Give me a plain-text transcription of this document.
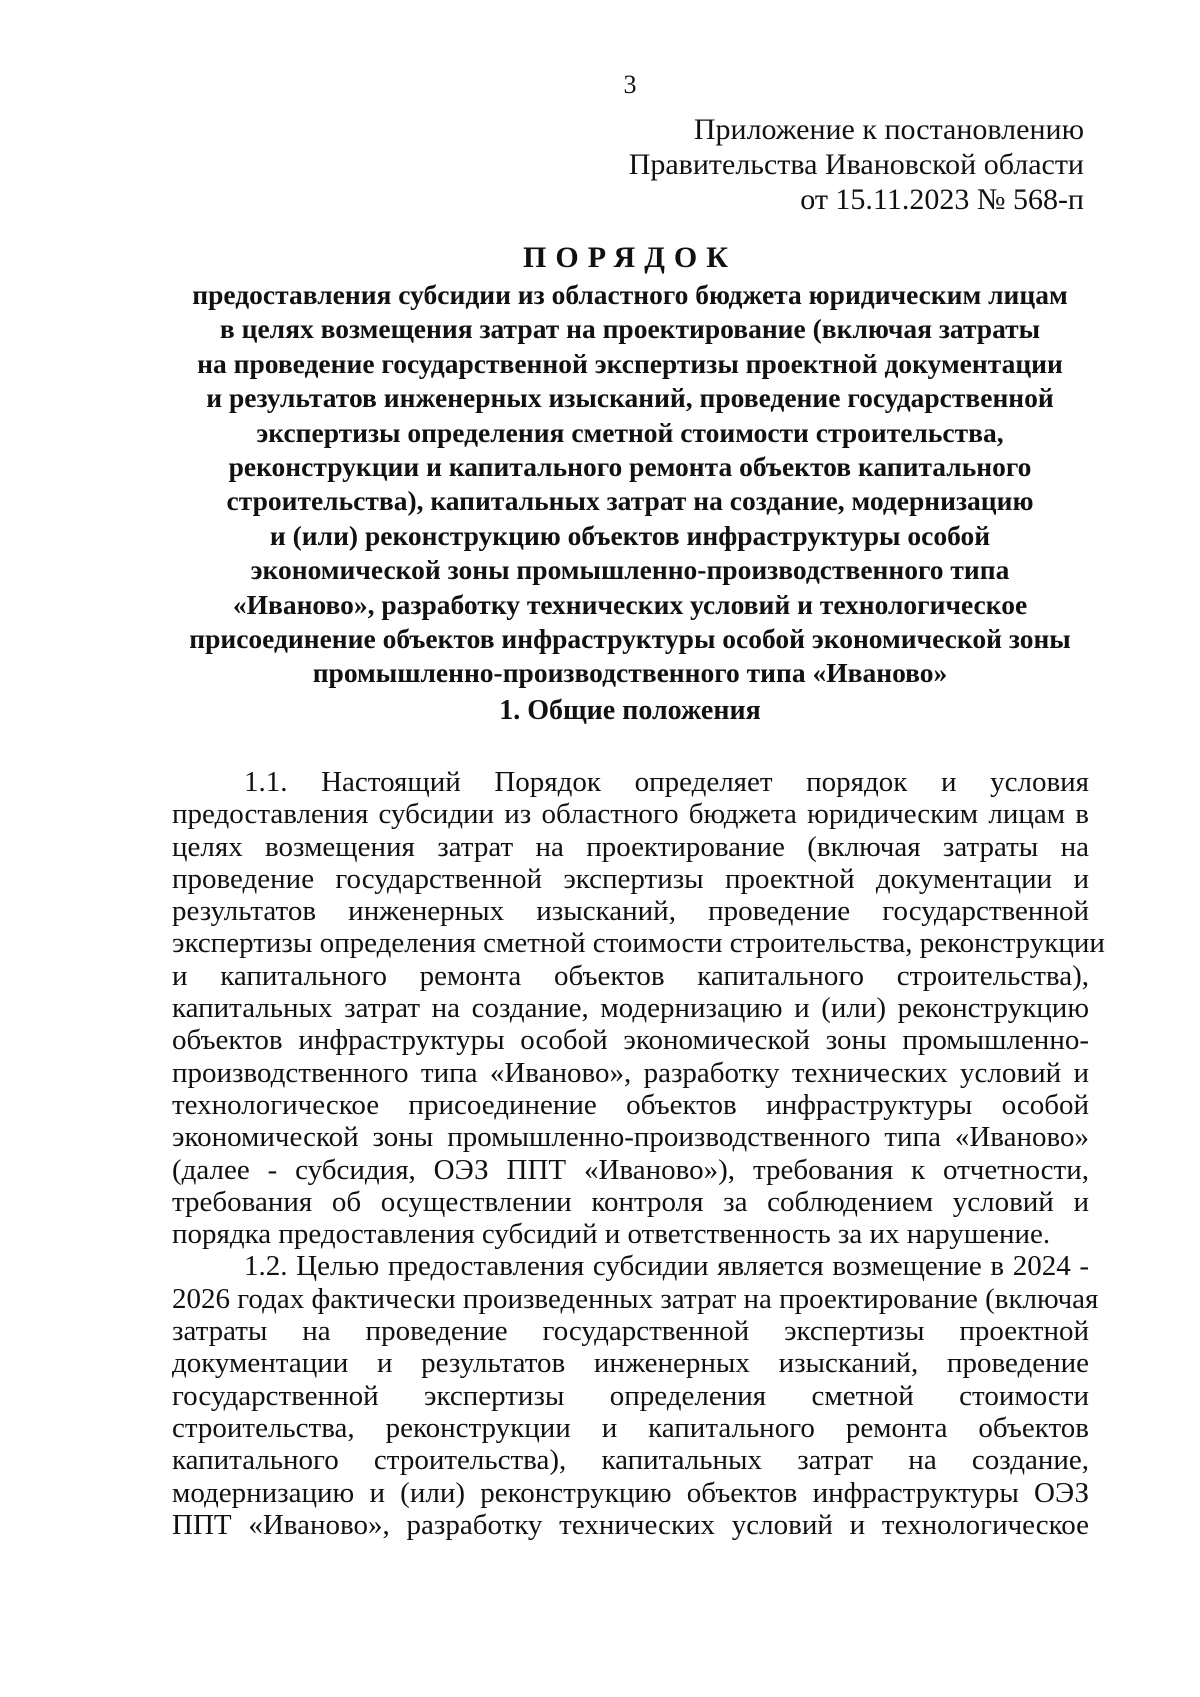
3
Приложение к постановлению
Правительства Ивановской области
от 15.11.2023 № 568-п
ПОРЯДОК
предоставления субсидии из областного бюджета юридическим лицам
в целях возмещения затрат на проектирование (включая затраты
на проведение государственной экспертизы проектной документации
и результатов инженерных изысканий, проведение государственной
экспертизы определения сметной стоимости строительства,
реконструкции и капитального ремонта объектов капитального
строительства), капитальных затрат на создание, модернизацию
и (или) реконструкцию объектов инфраструктуры особой
экономической зоны промышленно-производственного типа
«Иваново», разработку технических условий и технологическое
присоединение объектов инфраструктуры особой экономической зоны
промышленно-производственного типа «Иваново»
1. Общие положения
1.1. Настоящий Порядок определяет порядок и условия
предоставления субсидии из областного бюджета юридическим лицам в
целях возмещения затрат на проектирование (включая затраты на
проведение государственной экспертизы проектной документации и
результатов инженерных изысканий, проведение государственной
экспертизы определения сметной стоимости строительства, реконструкции
и капитального ремонта объектов капитального строительства),
капитальных затрат на создание, модернизацию и (или) реконструкцию
объектов инфраструктуры особой экономической зоны промышленно-
производственного типа «Иваново», разработку технических условий и
технологическое присоединение объектов инфраструктуры особой
экономической зоны промышленно-производственного типа «Иваново»
(далее - субсидия, ОЭЗ ППТ «Иваново»), требования к отчетности,
требования об осуществлении контроля за соблюдением условий и
порядка предоставления субсидий и ответственность за их нарушение.
1.2. Целью предоставления субсидии является возмещение в 2024 -
2026 годах фактически произведенных затрат на проектирование (включая
затраты на проведение государственной экспертизы проектной
документации и результатов инженерных изысканий, проведение
государственной экспертизы определения сметной стоимости
строительства, реконструкции и капитального ремонта объектов
капитального строительства), капитальных затрат на создание,
модернизацию и (или) реконструкцию объектов инфраструктуры ОЭЗ
ППТ «Иваново», разработку технических условий и технологическое
